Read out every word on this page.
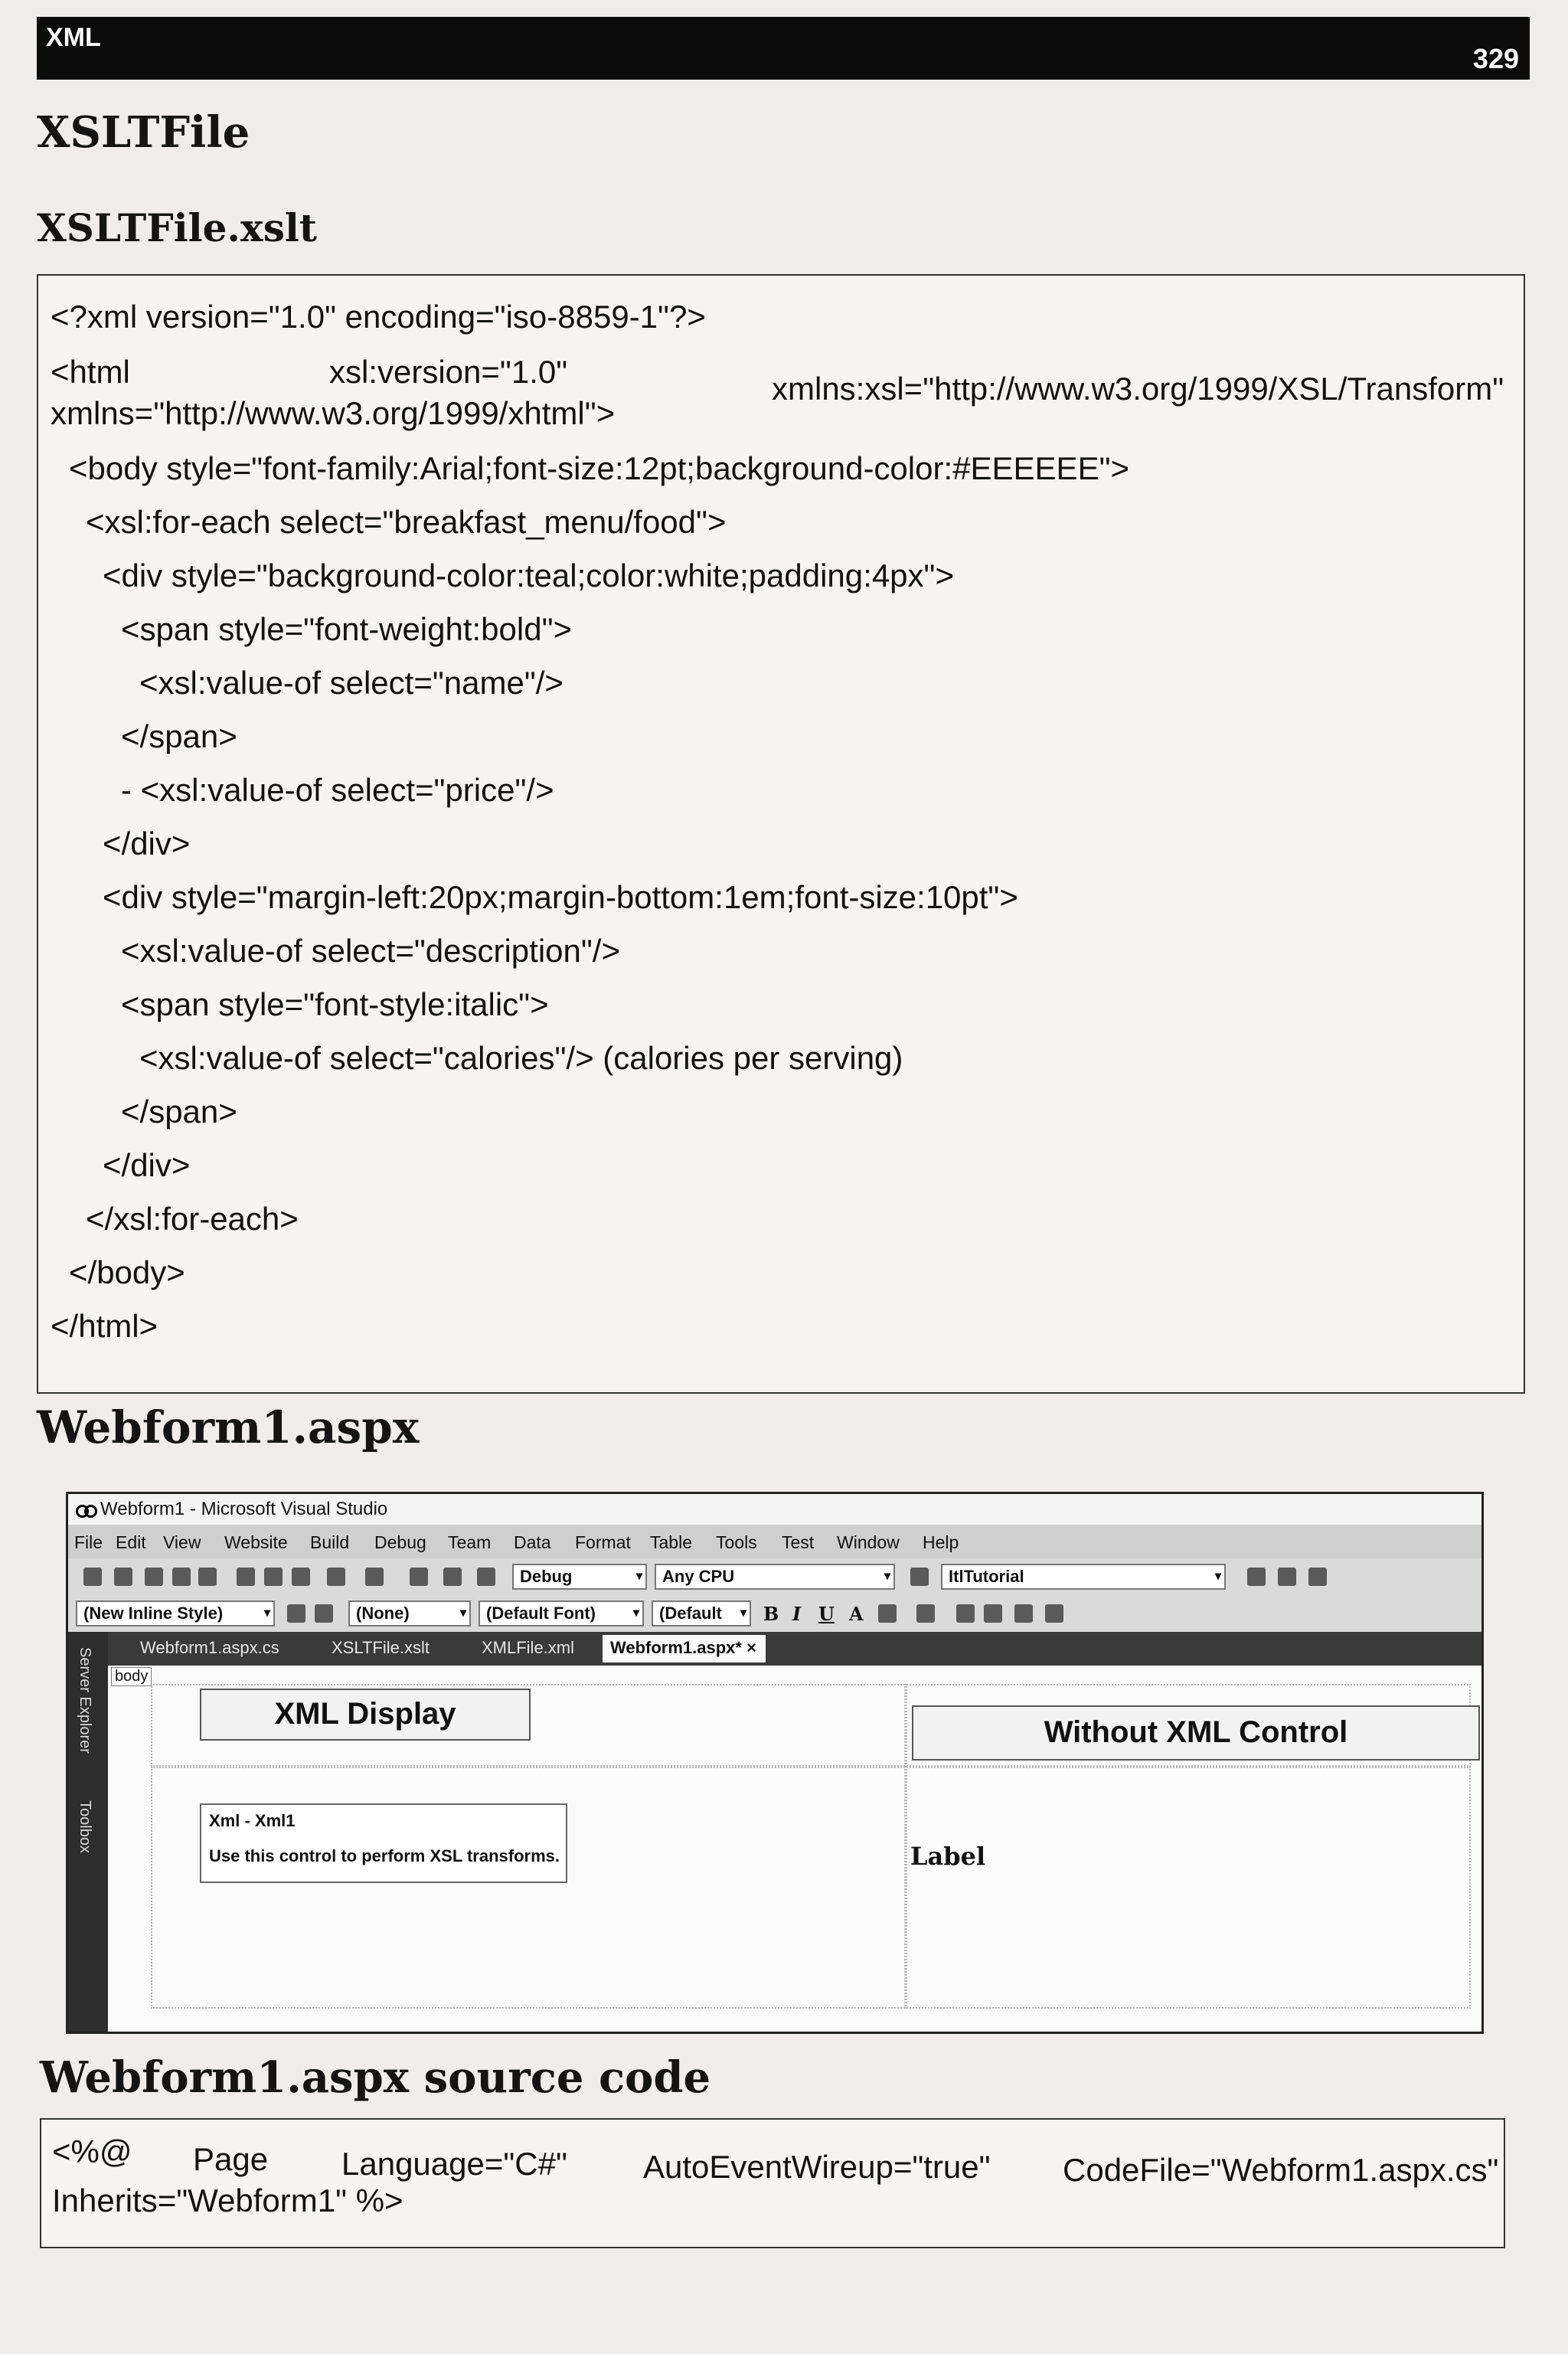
XML
329
XSLTFile
XSLTFile.xslt
<?xml version="1.0" encoding="iso-8859-1"?>
<html	xsl:version="1.0"	xmlns:xsl="http://www.w3.org/1999/XSL/Transform"
xmlns="http://www.w3.org/1999/xhtml">
<body style="font-family:Arial;font-size:12pt;background-color:#EEEEEE">
<xsl:for-each select="breakfast_menu/food">
<div style="background-color:teal;color:white;padding:4px">
<span style="font-weight:bold">
<xsl:value-of select="name"/>
</span>
- <xsl:value-of select="price"/>
</div>
<div style="margin-left:20px;margin-bottom:1em;font-size:10pt">
<xsl:value-of select="description"/>
<span style="font-style:italic">
<xsl:value-of select="calories"/> (calories per serving)
</span>
</div>
</xsl:for-each>
</body>
</html>
Webform1.aspx
Webform1 - Microsoft Visual Studio
File Edit View Website Build Debug Team Data Format Table Tools Test Window Help
Debug	▾	Any CPU	▾	ItlTutorial	▾
(New Inline Style)	▾	(None)	▾	(Default Font)	▾	(Default ▾ B I U A
Server Explorer
Toolbox
Webform1.aspx.cs	XSLTFile.xslt	XMLFile.xml	Webform1.aspx* ×
body
XML Display
Without XML Control
Xml - Xml1
Use this control to perform XSL transforms.	Label
Webform1.aspx source code
<%@ Page Language="C#" AutoEventWireup="true" CodeFile="Webform1.aspx.cs"
Inherits="Webform1" %>
